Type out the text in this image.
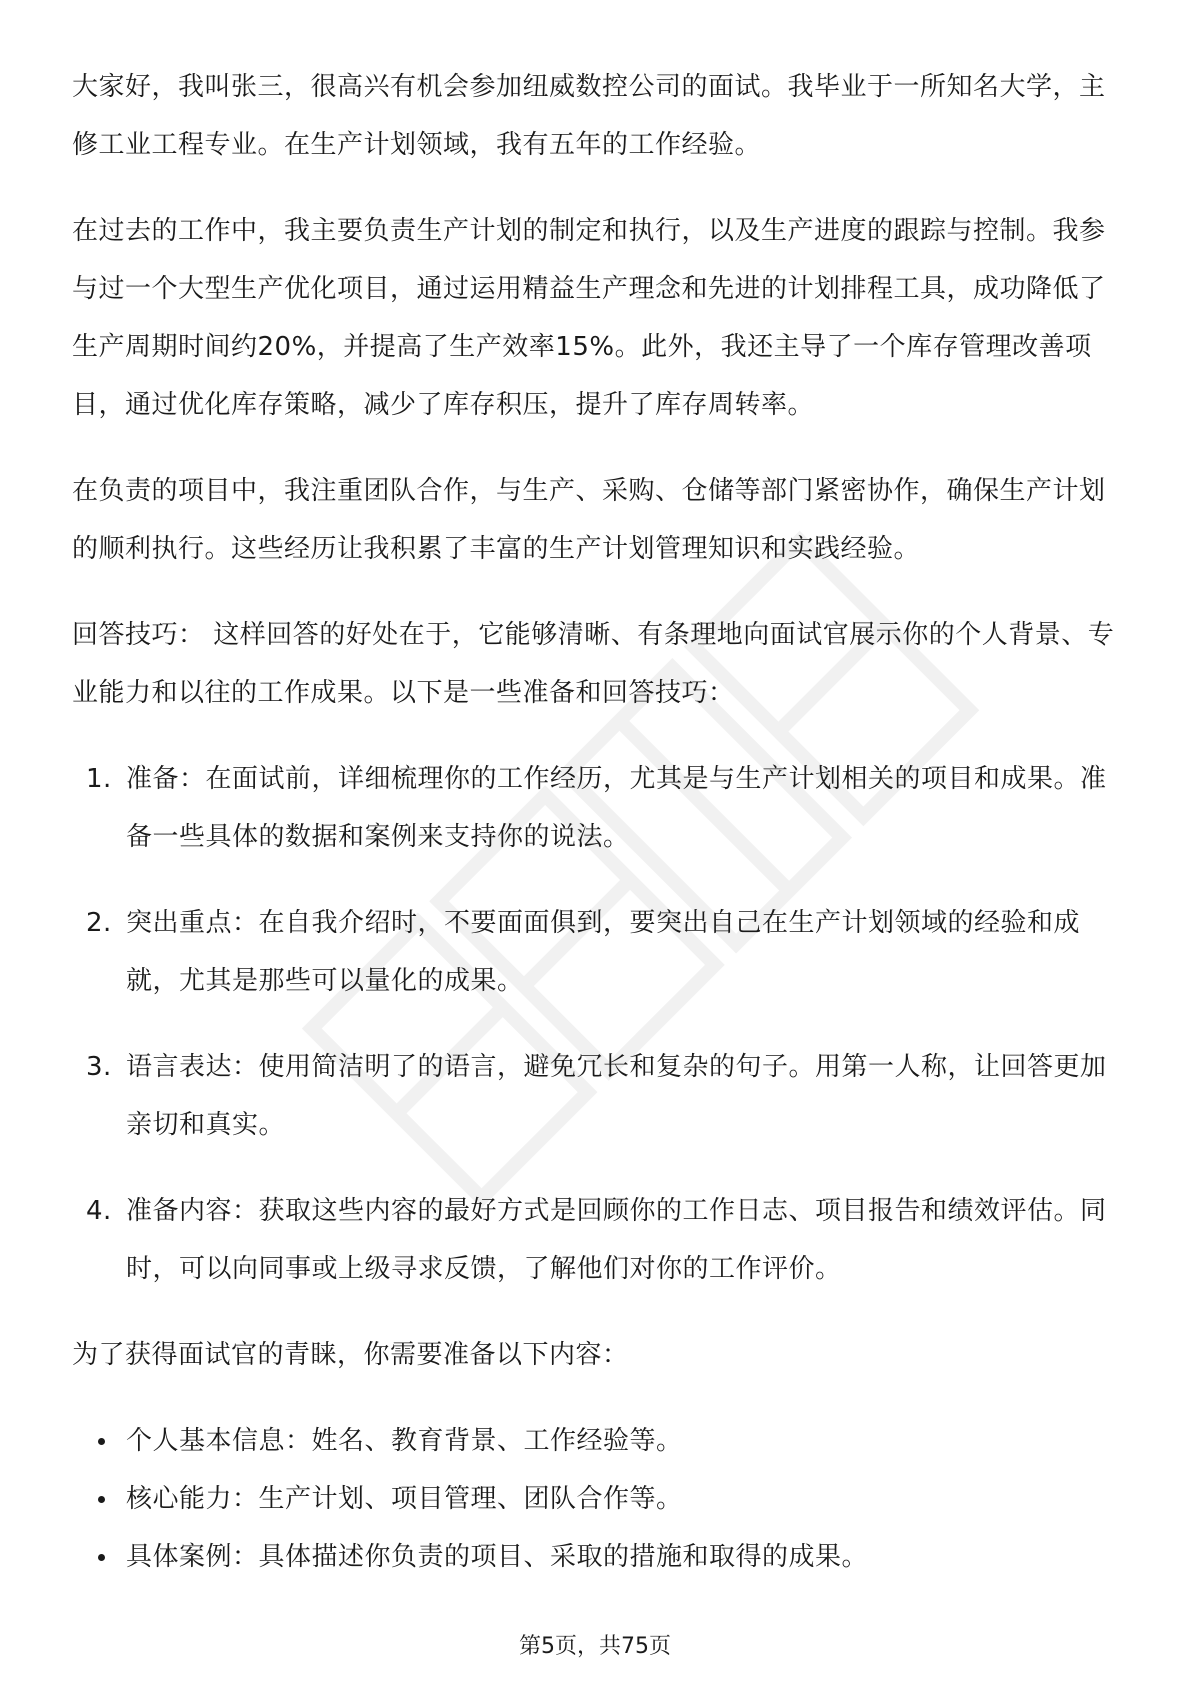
大家好，我叫张三，很高兴有机会参加纽威数控公司的面试。我毕业于一所知名大学，主修工业工程专业。在生产计划领域，我有五年的工作经验。

在过去的工作中，我主要负责生产计划的制定和执行，以及生产进度的跟踪与控制。我参与过一个大型生产优化项目，通过运用精益生产理念和先进的计划排程工具，成功降低了生产周期时间约20%，并提高了生产效率15%。此外，我还主导了一个库存管理改善项目，通过优化库存策略，减少了库存积压，提升了库存周转率。

在负责的项目中，我注重团队合作，与生产、采购、仓储等部门紧密协作，确保生产计划的顺利执行。这些经历让我积累了丰富的生产计划管理知识和实践经验。

回答技巧： 这样回答的好处在于，它能够清晰、有条理地向面试官展示你的个人背景、专业能力和以往的工作成果。以下是一些准备和回答技巧：

1. 准备：在面试前，详细梳理你的工作经历，尤其是与生产计划相关的项目和成果。准备一些具体的数据和案例来支持你的说法。
2. 突出重点：在自我介绍时，不要面面俱到，要突出自己在生产计划领域的经验和成就，尤其是那些可以量化的成果。
3. 语言表达：使用简洁明了的语言，避免冗长和复杂的句子。用第一人称，让回答更加亲切和真实。
4. 准备内容：获取这些内容的最好方式是回顾你的工作日志、项目报告和绩效评估。同时，可以向同事或上级寻求反馈，了解他们对你的工作评价。

为了获得面试官的青睐，你需要准备以下内容：

个人基本信息：姓名、教育背景、工作经验等。
核心能力：生产计划、项目管理、团队合作等。
具体案例：具体描述你负责的项目、采取的措施和取得的成果。
第5页，共75页
